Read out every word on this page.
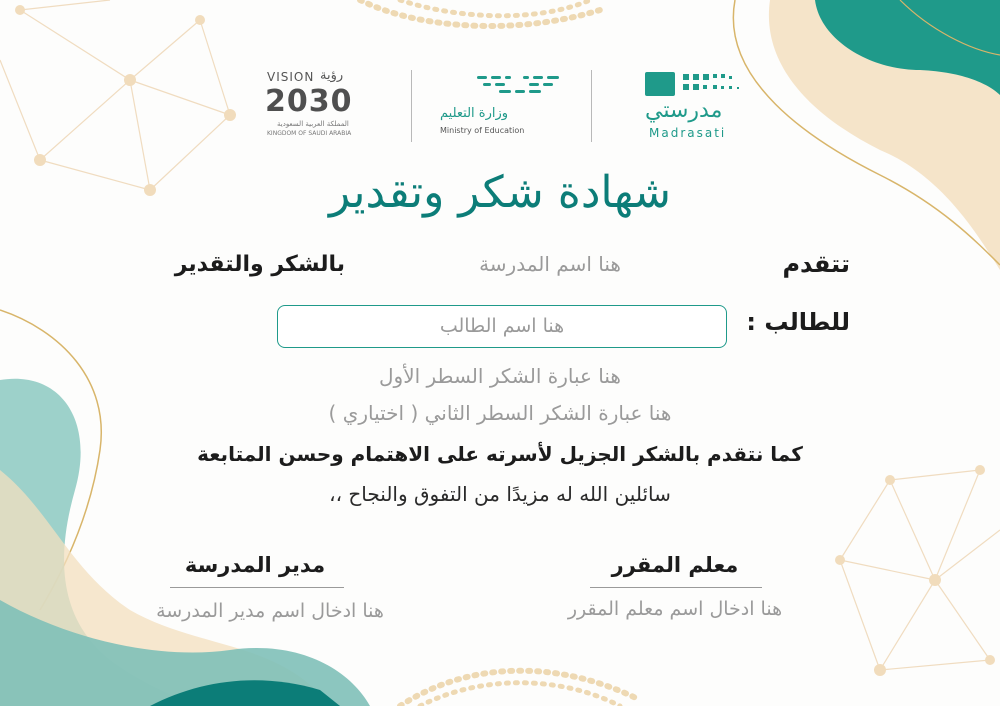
VISION رؤية
2030
المملكة العربية السعودية
KINGDOM OF SAUDI ARABIA
وزارة التعليم
Ministry of Education
مدرستي
Madrasati
شهادة شكر وتقدير
تتقدم
هنا اسم المدرسة
بالشكر والتقدير
للطالب :
هنا اسم الطالب
هنا عبارة الشكر السطر الأول
هنا عبارة الشكر السطر الثاني ( اختياري )
كما نتقدم بالشكر الجزيل لأسرته على الاهتمام وحسن المتابعة
سائلين الله له مزيدًا من التفوق والنجاح ،،
معلم المقرر
هنا ادخال اسم معلم المقرر
مدير المدرسة
هنا ادخال اسم مدير المدرسة
